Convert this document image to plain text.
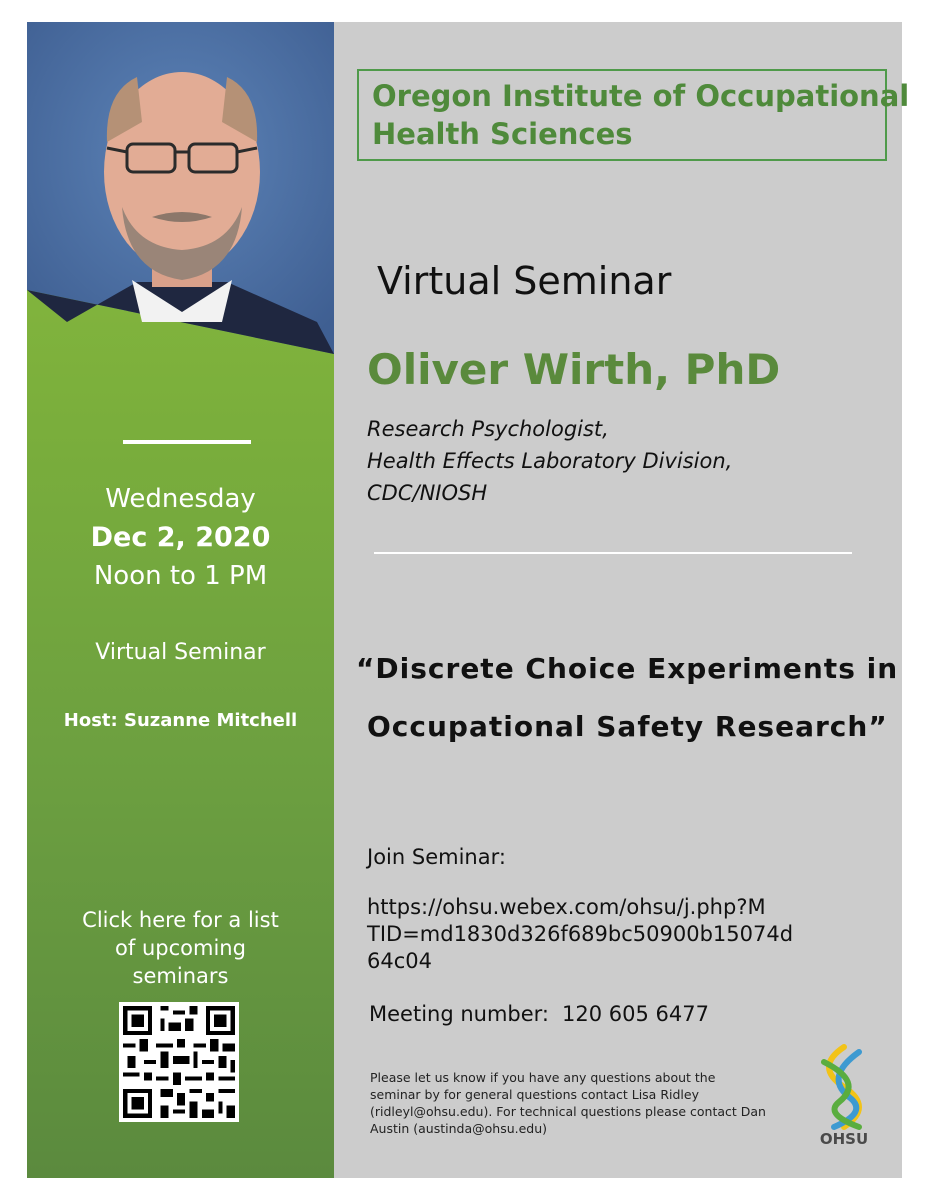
Wednesday
Dec 2, 2020
Noon to 1 PM
Virtual Seminar
Host: Suzanne Mitchell
Click here for a list
of upcoming
seminars
Oregon Institute of Occupational
Health Sciences
Virtual Seminar
Oliver Wirth, PhD
Research Psychologist,
Health Effects Laboratory Division,
CDC/NIOSH
“Discrete Choice Experiments in
Occupational Safety Research”
Join Seminar:
https://ohsu.webex.com/ohsu/j.php?M
TID=md1830d326f689bc50900b15074d
64c04
Meeting number: 120 605 6477
Please let us know if you have any questions about the
seminar by for general questions contact Lisa Ridley
(ridleyl@ohsu.edu). For technical questions please contact Dan
Austin (austinda@ohsu.edu)
OHSU
